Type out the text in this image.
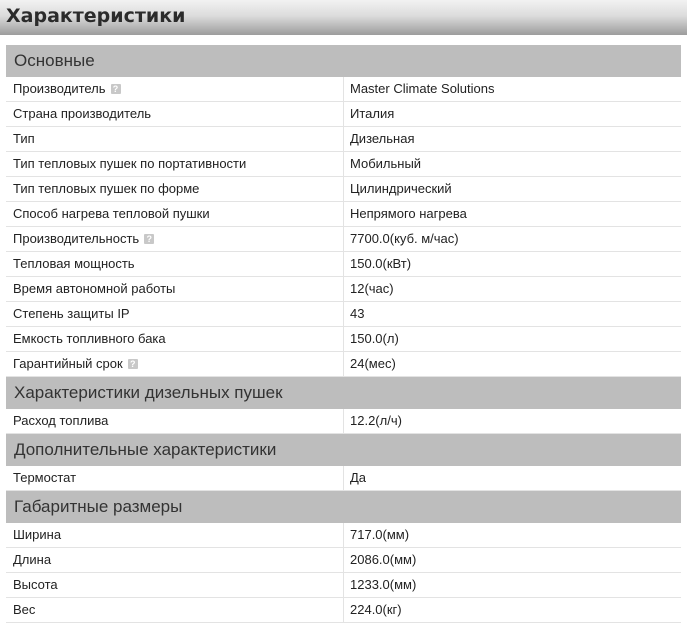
Характеристики
Основные
Производитель ?	Master Climate Solutions
Страна производитель	Италия
Тип	Дизельная
Тип тепловых пушек по портативности	Мобильный
Тип тепловых пушек по форме	Цилиндрический
Способ нагрева тепловой пушки	Непрямого нагрева
Производительность ?	7700.0(куб. м/час)
Тепловая мощность	150.0(кВт)
Время автономной работы	12(час)
Степень защиты IP	43
Емкость топливного бака	150.0(л)
Гарантийный срок ?	24(мес)
Характеристики дизельных пушек
Расход топлива	12.2(л/ч)
Дополнительные характеристики
Термостат	Да
Габаритные размеры
Ширина	717.0(мм)
Длина	2086.0(мм)
Высота	1233.0(мм)
Вес	224.0(кг)
